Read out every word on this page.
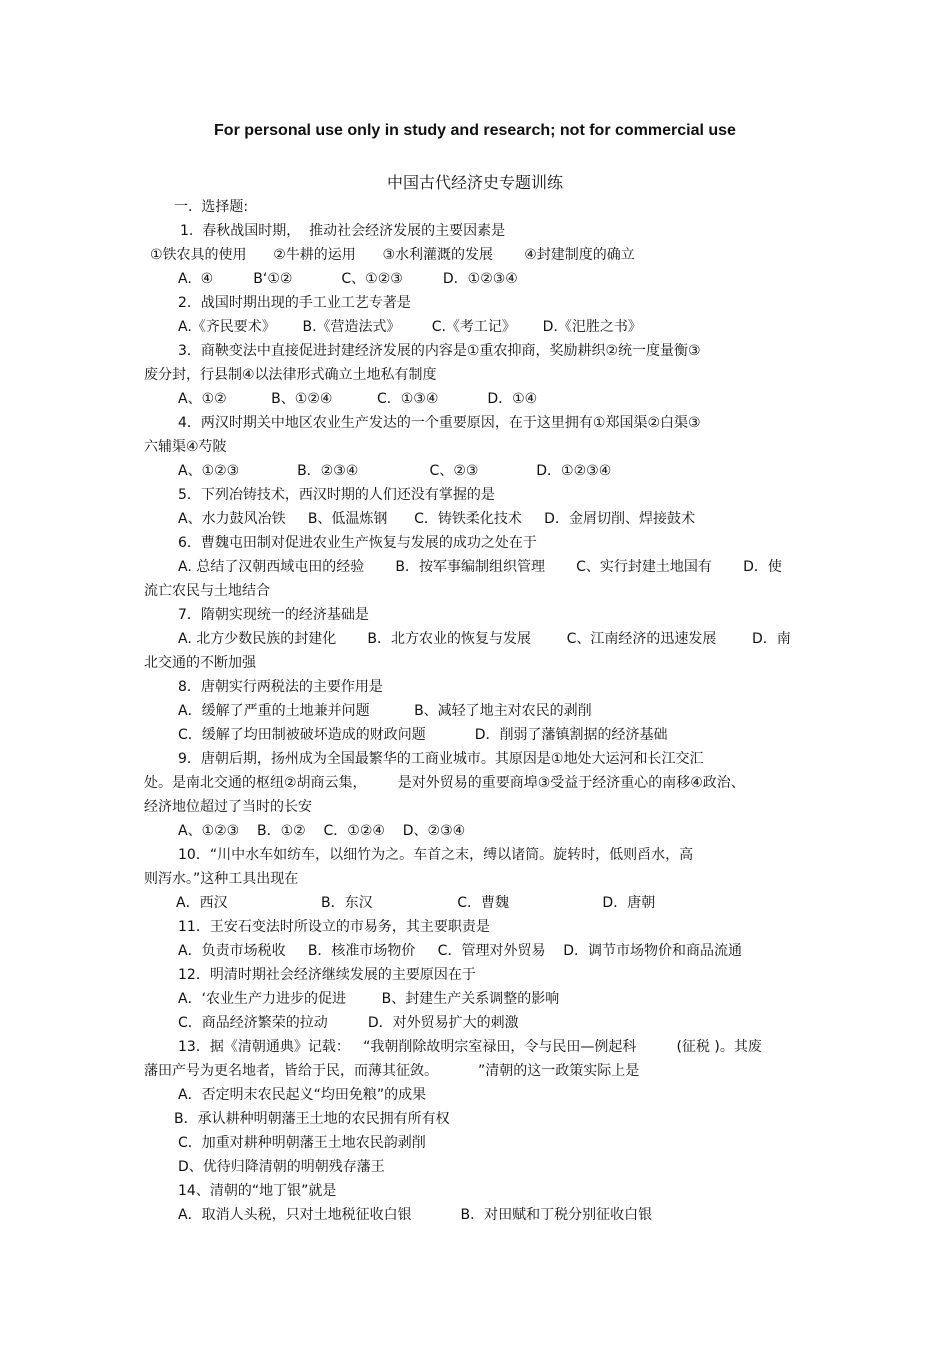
For personal use only in study and research; not for commercial use
中国古代经济史专题训练
一.  选择题:
1.  春秋战国时期，  推动社会经济发展的主要因素是
①铁农具的使用      ②牛耕的运用      ③水利灌溉的发展       ④封建制度的确立
A.  ④         B‘①②           C、①②③         D．①②③④
2．战国时期出现的手工业工艺专著是
A.《齐民要术》      B.《营造法式》       C.《考工记》      D.《汜胜之书》
3．商鞅变法中直接促进封建经济发展的内容是①重农抑商，奖励耕织②统一度量衡③
废分封，行县制④以法律形式确立土地私有制度
A、①②          B、①②④          C．①③④           D．①④
4．两汉时期关中地区农业生产发达的一个重要原因，在于这里拥有①郑国渠②白渠③
六辅渠④芍陂
A、①②③             B．②③④                C、②③             D．①②③④
5．下列冶铸技术，西汉时期的人们还没有掌握的是
A、水力鼓风冶铁     B、低温炼钢      C．铸铁柔化技术     D．金屑切削、焊接鼓术
6．曹魏屯田制对促进农业生产恢复与发展的成功之处在于
A. 总结了汉朝西域屯田的经验       B．按军事编制组织管理       C、实行封建土地国有       D．使
流亡农民与土地结合
7．隋朝实现统一的经济基础是
A. 北方少数民族的封建化       B．北方农业的恢复与发展        C、江南经济的迅速发展        D．南
北交通的不断加强
8．唐朝实行两税法的主要作用是
A．缓解了严重的土地兼并问题          B、减轻了地主对农民的剥削
C．缓解了均田制被破坏造成的财政问题           D．削弱了藩镇割据的经济基础
9．唐朝后期，扬州成为全国最繁华的工商业城市。其原因是①地处大运河和长江交汇
处。是南北交通的枢纽②胡商云集，       是对外贸易的重要商埠③受益于经济重心的南移④政治、
经济地位超过了当时的长安
A、①②③    B．①②    C．①②④    D、②③④
10．“川中水车如纺车，以细竹为之。车首之末，缚以诸筒。旋转时，低则舀水，高
则泻水。”这种工具出现在
A．西汉                     B．东汉                   C．曹魏                     D．唐朝
11．王安石变法时所设立的市易务，其主要职责是
A．负责市场税收     B．核准市场物价     C．管理对外贸易    D．调节市场物价和商品流通
12．明清时期社会经济继续发展的主要原因在于
A．‘农业生产力进步的促进        B、封建生产关系调整的影响
C．商品经济繁荣的拉动         D．对外贸易扩大的刺激
13．据《清朝通典》记载：   “我朝削除故明宗室禄田，令与民田—例起科         (征税 )。其废
藩田产号为更名地者，皆给于民，而薄其征敛。         ”清朝的这一政策实际上是
A．否定明末农民起义“均田免粮”的成果
B．承认耕种明朝藩王土地的农民拥有所有权
C．加重对耕种明朝藩王土地农民韵剥削
D、优待归降清朝的明朝残存藩王
14、清朝的“地丁银”就是
A．取消人头税，只对土地税征收白银           B．对田赋和丁税分别征收白银
